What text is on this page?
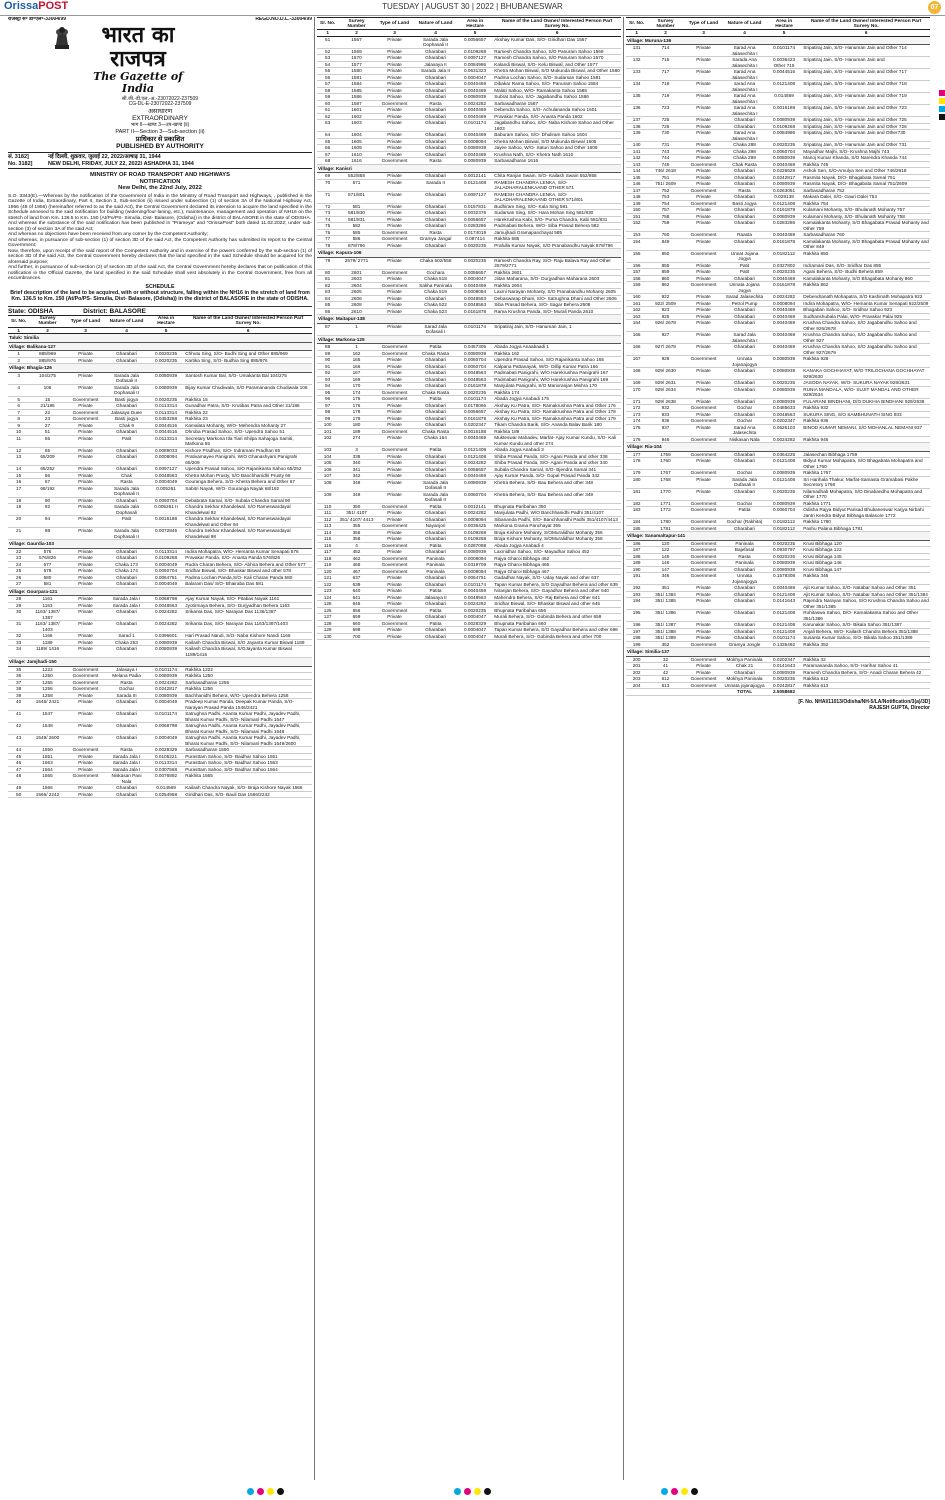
OrissaPOST	TUESDAY | AUGUST 30 | 2022 | BHUBANESWAR	07
रजिस्ट्री सं॰ डी॰एल॰-33004/99	REGD.NO.D.L.-33004/99
भारत का राजपत्र
The Gazette of India
सी.जी.-डी.एल.-अ.-23072022-237509
CG-DL-E-23072022-237509
असाधारण
EXTRAORDINARY
भाग II—खण्ड 3—उप-खण्ड (ii)
PART II—Section 3—Sub-section (ii)
प्राधिकार से प्रकाशित
PUBLISHED BY AUTHORITY
सं. 3182]	नई दिल्ली, शुक्रवार, जुलाई 22, 2022/आषाढ़ 31, 1944
No. 3182]	NEW DELHI, FRIDAY, JULY 22, 2022/ ASHADHA 31, 1944
MINISTRY OF ROAD TRANSPORT AND HIGHWAYS
NOTIFICATION
New Delhi, the 22nd July, 2022

S.O. 3343(E).—Whereas by the notification of the Government of India in the Ministry of Road Transport and Highways, , published in the Gazette of India, Extraordinary, Part II, Section 3, Sub-section (ii) issued under subsection (1) of section 3A of the National Highway Act, 1956 (48 of 1956) (hereinafter referred to as the said Act), the Central Government declared its intension to acquire the land specified in the Schedule annexed to the said notification for building (widening/four-laning, etc.), maintenance, management and operation of NH16 on the stretch of land from Km. 136.5 to Km. 150 (At/Po/PS- Simulia, Dist- Balasore, (Odisha)) in the district of BALASORE in the state of ODISHA.

And whereas the substance of the said notification has been published in "Prameya" and "OrissaPost" both dated 11.02.2022; under sub-section (3) of section 3A of the said Act;

And whereas no objections have been received from any corner by the Competent Authority;

And whereas, in pursuance of sub-section (1) of section 3D of the said Act, the Competent Authority has submitted its report to the Central Government;

Now, therefore, upon receipt of the said report of the Competent Authority and in exercise of the powers conferred by the sub-section (1) of section 3D of the said Act, the Central Government hereby declares that the land specified in the said Schedule should be acquired for the aforesaid purpose;

And further, in pursuance of sub-section (2) of section 3D of the said Act, the Central Government hereby declares that on publication of this notification in the Official Gazette, the land specified in the said Schedule shall vest absolutely in the Central Government, free from all encumbrances.

SCHEDULE
Brief description of the land to be acquired, with or without structure, falling within the NH16 in the stretch of land from Km. 136.5 to Km. 150 (At/Po/PS- Simulia, Dist- Balasore, (Odisha)) in the district of BALASORE in the state of ODISHA.
State: ODISHA	District: BALASORE
Sr. No.	Survey Number	Type of Land	Nature of Land	Area in Hectare	Name of the Land Owner/ Interested Person Part Survey No.
1	2	3	4	5	6
Taluk: Similia					
Village: Balikana-127					
1	885/969	Private	Gharabari	0.0020235	Chhutu Sing, S/O- Budhi Sing and Other 885/969
2	885/976	Private	Gharabari	0.0020235	Kartika Sing, S/O- Budhia Sing 885/976
Village: Bhagia-126					
3	104/275	Private	Sarada Jala Dofasali II	0.0080939	Santosh Kumar Bal, S/O- Umakanta Bal 104/275
4	106	Private	Sarada Jala Dophasali II	0.0080939	Bijay Kumar Chudiwala, S/O Paramananda Chudiwala 106
5	15	Government	Basti jogya	0.0020235	Rakhita 15
6	21/186	Private	Gharabari	0.0113314	Gunadhar Patra, S/O- Krutibas Patra and Other 21/186
7	22	Government	Jalasaya Duee	0.0113314	Rakhita 22
8	23	Government	Basti jogya	0.0453258	Rakhita 23
9	27	Private	Chak 9	0.0044516	Kamalata Mohanty, W/O- Mehendra Mohanty 27
10	51	Private	Gharabari	0.0044516	Dhruba Prasad Sahoo, S/O- Upendra Sahoo 51
11	55	Private	Patit	0.0113314	Secretary Markona Itla Tiari Shilpa Sahajoga Samiti, Markona 55
12	65	Private	Gharabari	0.0089033	Kishore Pradhan, S/O- Indramani Pradhan 65
13	65/209	Private	Gharabari	0.0008094	Prativamayee Panigrahi, W/O Ghanashyam Panigrahi 65/209
14	65/252	Private	Gharabari	0.0097127	Upendra Prasad Sahoo, S/O Rajanikanta Sahoo 65/252
15	66	Private	Chak	0.0048563	Khetra Mohan Prusty, S/O Banchhanidhi Prusty 66
16	67	Private	Rasta	0.0004049	Gouranga Behera, S/O- Khetra Behera and Other 67
17	68/192	Private	Sarada Jala Dophasali II	0.005261	Sabitri Nayak, W/O- Gouranga Nayak 68/192
18	90	Private	Gharabari	0.0060704	Debabrata Samal, S/O- Subala Chandra Samal 90
19	92	Private	Sarada Jala Dophasali	0.005261 II	Chandra Sekhar Khandelwal, S/O Rameswardayal Khandelwal 92
20	94	Private	Patit	0.0016188	Chandra Sekhar Khandelwal, S/O Rameswardayal Khandelwal and Other 94
21	98	Private	Sarada Jala Dophasali II	0.0072845	Chandra Sekhar Khandelwal, S/O Rameswardayal Khandelwal 98
Village: Gaurdia-103					
22	576	Private	Gharabari	0.0113314	Indira Mohapatra, W/O- Hemanta Kumar Senapati 576
23	576/826	Private	Gharabari	0.0109268	Pravakar Panda, S/O- Ananta Panda 576/826
24	577	Private	Chaka 173	0.0004049	Rudra Charan Behera, S/O- Abhira Behera and Other 577
25	578	Private	Chaka 174	0.0060704	Sridhar Biswal, S/O- Bhaskar Biswal and other 578
26	580	Private	Gharabari	0.0064751	Padma Lochan Panda,S/O- Kali Charan Panda 580
27	581	Private	Gharabari	0.0004049	Balaram Das/ S/O- Bhairaba Das 581
Village: Gourpara-121					
28	1161	Private	Sarada Jala I	0.0068798	Ajay Kumar Nayak, S/O- Pitabas Nayak 1161
29	1163	Private	Sarada Jala I	0.0048563	Jyotirmaya Behera, S/O- Durjyadhan Behera 1163
30	1163/ 1387/ 1387	Private	Gharabari	0.0024282	Srikanta Das, S/O- Narayan Das 1136/1387
31	1163/ 1387/ 1403	Private	Gharabari	0.0024282	Srikanta Das, S/O- Narayan Das 1163/1387/1403
32	1166	Private	Sarad 1	0.0396601	Hari Prasad Nandi, S/O- Naba Kishore Nandi 1166
33	1189	Private	Chaka 253	0.0080939	Kailash Chandra Biswal, S/O Jayanta Kumar Biswal 1189
34	1189/ 1416	Private	Gharabari	0.0080939	Kailash Chandra Biswal, S/OJayanta Kumar Biswal 1189/1416
Village: Jamjhadi-150					
35	1222	Government	Jalasaya I	0.0101174	Rakhita 1222
36	1250	Government	Melana Padia	0.0080939	Rakhita 1250
37	1255	Government	Rasta	0.0024282	Sarbasadharan 1255
38	1256	Government	Gochar	0.0242817	Rakhita 1256
39	1258	Private	Sarada III	0.0080939	Bachhanidhi Behera, W/O- Upendra Behera 1258
40	1546/ 2421	Private	Gharabari	0.0004049	Pradeep Kumar Panda, Deepak Kumar Panda, S/O- Narayan Prasad Panda 1546/2421
41	1547	Private	Gharabari	0.0101174	Satrughna Padhi, Ananta Kumar Padhi, Jayadev Padhi, Bharat Kumar Padhi, S/O- Nilamani Padhi 1547
42	1548	Private	Gharabari	0.0068798	Satrughna Padhi, Ananta Kumar Padhi, Jayadev Padhi, Bharat Kumar Padhi, S/O- Nilamani Padhi 1548
43	1549/ 2600	Private	Gharabari	0.0004049	Satrughna Padhi, Ananta Kumar Padhi, Jayadev Padhi, Bharat Kumar Padhi, S/O- Nilamani Padhi 1549/2600
44	1550	Government	Rasta	0.0028329	Sarbasadharan 1550
45	1551	Private	Sarada Jala I	0.0105221	Purasttam Sahoo, S/O- Baidhar Sahoo 1551
46	1563	Private	Sarada Jala I	0.0113314	Purasttam Sahoo, S/O- Baidhar Sahoo 1563
47	1564	Private	Sarada Jala I	0.0307568	Purasttam Sahoo, S/O- Baidhar Sahoo 1564
48	1565	Government	Niskasan Pani Nala	0.0076892	Rakhita 1565
49	1566	Private	Gharabari	0.014569	Kailash Chandra Nayak, S/O- Braja Kishore Nayak 1566
50	1566/ 2242	Private	Gharabari	0.0254958	Giridhari Das, S/O- Bauli Das 1566/2242
Sr. No.	Survey Number	Type of Land	Nature of Land	Area in Hectare	Name of the Land Owner/ Interested Person Part Survey No.
1	2	3	4	5	6
51	1567	Private	Sarada Jala Dophasali II	0.0056657	Akshay Kumar Das, S/O- Giridhari Das 1567
52	1569	Private	Gharabari	0.0109268	Ramesh Chandra Sahoo, S/O Panuram Sahoo 1569
53	1570	Private	Gharabari	0.0097127	Ramesh Chandra Sahoo, S/O Panuram Sahoo 1570
54	1577	Private	Jalasaya II	0.0084986	Kalandi Biswal, S/O- Kelu Biswal, and Other 1577
55	1580	Private	Sarada Jala II	0.0631323	Khetra Mohan Biswal, S/O Mukunda Biswal, and Other 1580
56	1581	Private	Gharabari	0.0004047	Padma Lochan Sahoo, S/O- Sudarsan Sahoo 1581
57	1584	Private	Gharabari	0.0040469	Dibakar Rama Sahoo, S/O- Panuram Sahoo 1584
58	1585	Private	Gharabari	0.0040469	Malati Sahoo, W/O- Ramakanta Sahoo 1585
59	1586	Private	Gharabari	0.0080939	Subrat Sahoo, S/O- Jagabandhu Sahoo 1586
60	1587	Government	Rasta	0.0024282	Sarbasadharan 1587
61	1601	Private	Gharabari	0.0040469	Debendra Sahoo, S/O- Achulananda Sahoo 1601
62	1602	Private	Gharabari	0.0040469	Pravakar Panda, S/O- Ananta Panda 1602
63	1603	Private	Gharabari	0.0101174	Jagabandhu Sahoo, S/O- Naba Kishore Sahoo and Other 1603
64	1604	Private	Gharabari	0.0040469	Baburam Sahoo, S/O- Dhuliram Sahoo 1604
65	1605	Private	Gharabari	0.0008094	Khetra Mohan Biswal, S/O Mukunda Biswal 1605
66	1609	Private	Gharabari	0.0080939	Jayee Sahoo, W/O- Saturi Sahoo and Other 1609
67	1610	Private	Gharabari	0.0040469	Krushna Nath, S/O- Khetra Nath 1610
68	1616	Government	Rasta	0.0080939	Sarbasadharan 1616
Village: Kanisri					
69	552/858	Private	Gharabari	0.0012141	Chita Ranjan Swain, S/O- Kailash Swain 552/858
70	571	Private	Sarada II	0.0121408	RAMESH CHANDRA LENKA, S/O- JALADHARALENKAAND OTHER 571
71	571/801	Private	Gharabari	0.0097127	RAMESH CHANDRA LENKA, S/O- JALADHARALENKAAND OTHER 571/801
72	581	Private	Gharabari	0.0157831	Budhiram Sing, S/O- Kala Sing 581
73	581/830	Private	Gharabari	0.0032376	Sudarsan Sing, S/O- Hara Mohan Sing 581/830
74	581/831	Private	Gharabari	0.0056657	Harekrushna Kabi, S/O- Purna Chandra, Kabi 581/831
75	582	Private	Gharabari	0.0283286	Padmabati Behera, W/O- Siba Prasad Behera 582
76	585	Government	Rasta	0.0174019	Jamujhadi Gramapanchayat 585
77	586	Government	Gramya Jangal	0.087414	Rakhita 586
78	878/796	Private	Gharabari	0.0020235	Prafulla Kumar Nayak, S/O Pranabandhu Nayak 878/796
Village: Kapura-106					
79	2579/ 2771	Private	Chaka 502/558	0.0020235	Ramesh Chandra Ray, S/O- Raju Balava Ray and Other 2579/2771
80	2601	Government	Gochara	0.0056657	Rakhita 2601
81	2603	Private	Chaka 518	0.0004047	Jiitan Maharana, S/O- Durjyadhan Maharana 2603
82	2604	Government	Sakha Paninala	0.0040469	Rakhita 2604
83	2605	Private	Chaka 519	0.0008094	Laxmi Narayan Mohanty, S/O Pranabandhu Mohanty 2605
84	2606	Private	Gharabari	0.0048563	Debaswarap Dhani, S/O- Satrughna Dhani and Other 2606
85	2608	Private	Chaka 522	0.0048563	Siba Prasad Behera, S/O- Sagar Behera 2608
86	2610	Private	Chaka 523	0.0161878	Rama Krushna Panda, S/O- Murali Panda 2610
Village: Maitapur-138					
87	1	Private	Sarad Jala Dofasali I	0.0101174	Sripatiraj Jain, S/O- Hanuman Jain, 1
Village: Markona-125					
88	1	Government	Patita	0.0457305	Abada Jogya Anaabaadi 1
89	162	Government	Chaka Rasta	0.0080939	Rakhita 162
90	165	Private	Gharabari	0.0060704	Upendra Prasad Sahoo, S/O Rajanikanta Sahoo 165
91	166	Private	Gharabari	0.0060704	Kalpana Pattanayak, W/O- Dillip Kumar Patra 166
92	167	Private	Gharabari	0.0048563	Padmabati Panigrahi, W/O Harekrushna Panigrahi 167
93	169	Private	Gharabari	0.0048563	Padmabati Panigrahi, W/O Harekrushna Panigrahi 169
94	170	Private	Gharabari	0.0161878	Manjulata Panigrahi, S/O Manoranjan Mishra 170
95	174	Government	Chaka Rasta	0.0020235	Rakhita 174
96	175	Government	Patita	0.0101174	Abada Jogya Anabadi 175
97	176	Private	Gharabari	0.0178066	Akshay Ku Patra, S/O- Ramakrushna Patra and Other 176
98	178	Private	Gharabari	0.0056657	Akshay Ku Patra, S/O- Ramakrushna Patra and Other 178
99	179	Private	Gharabari	0.0161878	Akshay Ku Patra, S/O- Ramakrushna Patra and Other 179
100	180	Private	Gharabari	0.0202347	Tikam Chandra Barik, S/O- Ananda Balav Barik 180
101	189	Government	Chaka Rasta	0.0016188	Rakhita 189
102	274	Private	Chaka 164	0.0040469	Mukteswar Mahadev, Marfat- Ajay Kumar Kundu, S/O- Kali Kumar Kundu and other 274
103	3	Government	Patita	0.0121408	Abada Jogya Anabadi 3
104	338	Private	Gharabari	0.0121408	Shiba Prasad Panda, S/O- Agani Panda and other 338
105	340	Private	Gharabari	0.0024282	Shiba Prasad Panda, S/O- Agani Panda and other 340
106	341	Private	Gharabari	0.0056657	Subala Chandra Samal, S/O- Bjendra Samal 341
107	342	Private	Gharabari	0.0040469	Ajay Kumar Panda, S/O- Gopal Prasad Panda 342
108	348	Private	Sarada Jala Dofasali II	0.0080939	Khetra Behera, S/O- Bau Behera and other 348
109	349	Private	Sarada Jala Dofasali II	0.0060704	Khetra Behera, S/O- Bau Behera and other 349
110	350	Government	Patita	0.0012141	Bhupnata Paribahan 350
111	351/ 4107	Private	Gharabari	0.0024282	Manjulata Padhi, W/O Banchhanidhi Padhi 351/4107
112	351/ 4107/ 4413	Private	Gharabari	0.0008094	Sibananda Padhi, S/O- Banchhanidhi Padhi 351/4107/4413
113	355	Government	Nayanjori	0.0036425	Markona Grama Panchayat 355
114	356	Private	Gharabari	0.0109268	Braja Kishore Mohanty, S/OMuralidhar Mohanty 356
115	358	Private	Gharabari	0.0109268	Braja Kishore Mohanty, S/OMuralidhar Mohanty 358
116	4	Government	Patita	0.0287098	Abada Jogya Anabadi 4
117	452	Private	Gharabari	0.0080939	Laxmidhar Sahoo, S/O- Mayadhar Sahoo 452
118	462	Government	Paninala	0.0008094	Rajya Gharoi Bibhaga 462
119	465	Government	Paninala	0.0319709	Rajya Gharoi Bibhaga 465
120	467	Government	Paninala	0.0008094	Rajya Gharoi Bibhaga 467
121	637	Private	Gharabari	0.0064751	Gadadhar Nayak, S/O- Uday Nayak and other 637
122	639	Private	Gharabari	0.0101174	Tapan Kumar Behera, S/O Gayadhar Behera and other 639
123	640	Private	Patita	0.0040469	Niranjan Behera, S/O- Gayadhar Behera and other 640
124	641	Private	Jalasaya II	0.0048563	Mahendra Behera, S/O- Raj Behera and Other 641
125	645	Private	Gharabari	0.0024282	Sridhar Biswal, S/O- Bhaskar Biswal and other 645
126	656	Government	Patita	0.0020235	Bhupnata Paribahan 656
127	659	Private	Gharabari	0.0004047	Murali Behera, S/O- Gobinda Behera and other 659
128	660	Government	Patita	0.0028329	Bhupnata Paribahan 660
129	698	Private	Gharabari	0.0004047	Tapan Kumar Behera, S/O Gayadhar Behera and other 698
130	700	Private	Gharabari	0.0004047	Murali Behera, S/O- Gobinda Behera and other 700
Sr. No.	Survey Number	Type of Land	Nature of Land	Area in Hectare	Name of the Land Owner/ Interested Person Part Survey No.
1	2	3	4	5	6
Village: Muruna-136					
131	714	Private	Sarad Ana Jalasechita I	0.0101174	Sripatiraj Jain, S/O- Hanuman Jain and Other 714
132	715	Private	Sarada Ana Jalasechita I	0.0036423 Other 715	Sripatiraj Jain, S/O- Hanuman Jain and
133	717	Private	Sarad Ana Jalasechita I	0.0044516	Sripatiraj Jain, S/O- Hanuman Jain and Other 717
134	718	Private	sarad Ana Jalasechita I	0.0121408	Sripatiraj Jain, S/O- Hanuman Jain and Other 718
135	719	Private	Sarad Ana Jalasechita I	0.014569	Sripatiraj Jain, S/O- Hanuman Jain and Other 719
136	723	Private	Sarad Ana Jalasechita I	0.0016188	Sripatiraj Jain, S/O- Hanuman Jain and Other 723
137	725	Private	Gharabari	0.0080939	Sripatiraj Jain, S/O- Hanuman Jain and Other 725
138	726	Private	Gharabari	0.0109268	Sripatiraj Jain, S/O- Hanuman Jain and Other 726
139	730	Private	Sarad Ana Jalasechita I	0.0084986	Sripatiraj Jain, S/O- Hanuman Jain and Other730
140	731	Private	Chaka 288	0.0020235	Sripatiraj Jain, S/O- Hanuman Jain and Other 731
141	743	Private	Chaka 298	0.0060704	Mayadhar Majhi, S/O- Krushna Majhi 743
142	744	Private	Chaka 299	0.0080939	Manoj Kumar Khanda, S/O Narendra Khanda 744
143	745	Government	Chak Rasta	0.0040469	Rakhita 745
144	746/ 2618	Private	Gharabari	0.0226629	Ashok Sen, S/O-Amulya Sen and Other 746/2618
145	751	Private	Gharabari	0.0242817	Rasmita Nayak, D/O- Bhagabata Samal 751
146	751/ 2609	Private	Gharabari	0.0080939	Rasmita Nayak, D/O- Bhagabata Samal 751/2609
147	752	Government	Rasta	0.0263051	Sarbasadharan 752
148	753	Private	Gharabari	0.029138	Makara Dalei, S/O- Gauri Dalei 753
149	754	Government	Basti Jogya	0.0121408	Rakhita 754
150	757	Private	Gharabari	0.0161878	Kulamani Mohanty, S/O- Bhulanath Mohanty 757
151	758	Private	Gharabari	0.0080939	Kulamani Mohanty, S/O- Bhulanath Mohanty 758
152	759	Private	Gharabari	0.0283286	Kamalakanta Mohanty, S/O Bhagabata Prasad Mohanty and Other 759
153	760	Government	Raasta	0.0040469	Sarbasadharan 760
154	849	Private	Gharabari	0.0161878	Kamalakanta Mohanty, S/O Bhagabata Prasad Mohanty and Other 849
155	850	Government	Unnat Jojana Jogya	0.0182112	Rakhita 850
156	855	Private	Patit	0.0327802	Indramani Das, S/O- Sridhar Das 855
157	859	Private	Patit	0.0020235	Agani Behera, S/O- Budhi Behera 859
158	860	Private	Gharabari	0.0040469	Kamalakanta Mohanty, S/O Bhagabata Mohanty 860
159	862	Government	Unnata Jojana Jogya	0.0161878	Rakhita 862
160	922	Private	Sarad Jalasechita	0.0024282	Debendranath Mohapatra, S/O Kashinath Mohapatra 922
161	922/ 2509	Private	Petrol Pump	0.0008094	Indira Mohapatra, W/O- Hemanta Kumar Senapati 922/2509
162	923	Private	Gharabari	0.0040469	Bhagaban Sahoo, S/O- Sridhar Sahoo 923
163	925	Private	Gharabari	0.0040469	Sudhanshubala Palai, W/O- Pravakar Palai 925
164	926/ 2678	Private	Gharabari	0.0040469	Krushna Chandra Sahoo, S/O Jagabandhu Sahoo and Other 926/2678
165	927	Private	Sarad Jala Jalasechita I	0.0040469	Krushna Chandra Sahoo, S/O Jagabandhu Sahoo and Other 927
166	927/ 2679	Private	Gharabari	0.0040469	Krushna Chandra Sahoo, S/O Jagabandhu Sahoo and Other 927/2679
167	928	Government	Unnata Jojanajogya	0.0080939	Rakhita 928
168	929/ 2630	Private	Gharabari	0.0080939	KANAKA GOCHHAYAT, W/O TRILOCHANA GOCHHAYAT 929/2630
169	929/ 2631	Private	Gharabari	0.0020235	JASODA NAYAK, W/O- SUKURA NAYAK 929/2631
170	929/ 2634	Private	Gharabari	0.0080939	RUNIA MANDALA, W/O- SUJIT MANDAL AND OTHER 929/2634
171	929/ 2638	Private	Gharabari	0.0080939	FULARANI BINDHANI, D/O DUKHIA BINDHANI 929/2638
172	932	Government	Gochar	0.0485633	Rakhita 932
173	933	Private	Gharabari	0.0048563	SUKURA SING, S/O SAMBHUNATH SING 933
174	936	Government	Gochar	0.0202347	Rakhita 936
175	937	Private	Sarad Ana Jalasechita	0.0526103	BINOD KUMAR NEMANI, S/O MOHANLAL NEMANI 937
176	946	Government	Niskasan Nala	0.0024282	Rakhita 946
Village: Ria-104					
177	1759	Government	Gharabari	0.0364225	Jalasechan Bibhaga 1759
178	1760	Private	Gharabari	0.0121408	Bidyut Kumar Mohapatra, S/O Bhagabata Mohapatra and Other 1760
179	1767	Government	Gochar	0.0080939	Rakhita 1767
180	1768	Private	Sarada Jala Dufasali II	0.0121408	Sri Harihala Thakur, Marfat-Samasta Gramabasi Pakhe Secretory 1768
181	1770	Private	Gharabari	0.0020235	Nilamadhab Mohapatra, S/O Dinabandhu Mohapatra and Other 1770
182	1771	Government	Gochar	0.0080939	Rakhita 1771
183	1772	Government	Patita	0.0060704	Odisha Rajya Bidyut Parisad Bhubaneswar Karjya Nirbahi Jantri Kendra Bidyut Bibhaga Balasore 1772
184	1780	Government	Gochar (Rakhita)	0.0182112	Rakhita 1780
185	1781	Government	Gharabari	0.0182112	Pashu Palana Bibhaga 1781
Village: Sanamaltapur-141					
186	120	Government	Paninala	0.0020235	Krusi Bibhaga 120
187	122	Government	Bajefasal	0.0930797	Krusi Bibhaga 122
188	145	Government	Rasta	0.0020235	Krusi Bibhaga 145
189	146	Government	Paninala	0.0080939	Krusi Bibhaga 146
190	147	Government	Gharabari	0.0080939	Krusi Bibhaga 147
191	346	Government	Unnata Jojanajogya	0.1578308	Rakhita 346
192	351	Private	Gharabari	0.0040469	Ajit Kumar Sahoo, S/O- Natabar Sahoo and Other 351
193	351/ 1384	Private	Gharabari	0.0121408	Ajit Kumar Sahoo, S/O- Natabar Sahoo and Other 351/1384
194	351/ 1385	Private	Gharabari	0.0141643	Rajendra Narayan Sahoo, S/O Krushna Chandra Sahoo and Other 351/1385
195	351/ 1386	Private	Gharabari	0.0121408	Rohitaswa Sahoo, D/O- Kamalakanta Sahoo and Other 351/1386
196	351/ 1387	Private	Gharabari	0.0121408	Karunakar Sahoo, S/O- Bikala Sahoo 351/1387
197	351/ 1388	Private	Gharabari	0.0121408	Anjali Behera, W/O- Kailash Chandra Behera 351/1388
198	351/ 1389	Private	Gharabari	0.0101174	Susanta Kumar Sahoo, S/O- Bikala Sahoo 351/1389
199	352	Government	Gramya Jongle	0.1335492	Rakhita 352
Village: Similia-137					
200	32	Government	Mokhya Paninala	0.0202347	Rakhita 32
201	41	Private	Chak 21	0.0141643	Paramananda Sahoo, S/O- Harihar Sahoo 41
202	42	Private	Gharabari	0.0080939	Ramesh Chandra Behera, S/O- Anadi Charan Behera 42
203	612	Government	Mokhya Paninala	0.0020235	Rakhita 612
204	613	Government	Unnata jojanajogya	0.0242817	Rakhita 613
			TOTAL	2.5058682	
[F. No. NHAI/11013/Odisha/NH-5/LA/Notification/3(a)/3D]
RAJESH GUPTA, Director
